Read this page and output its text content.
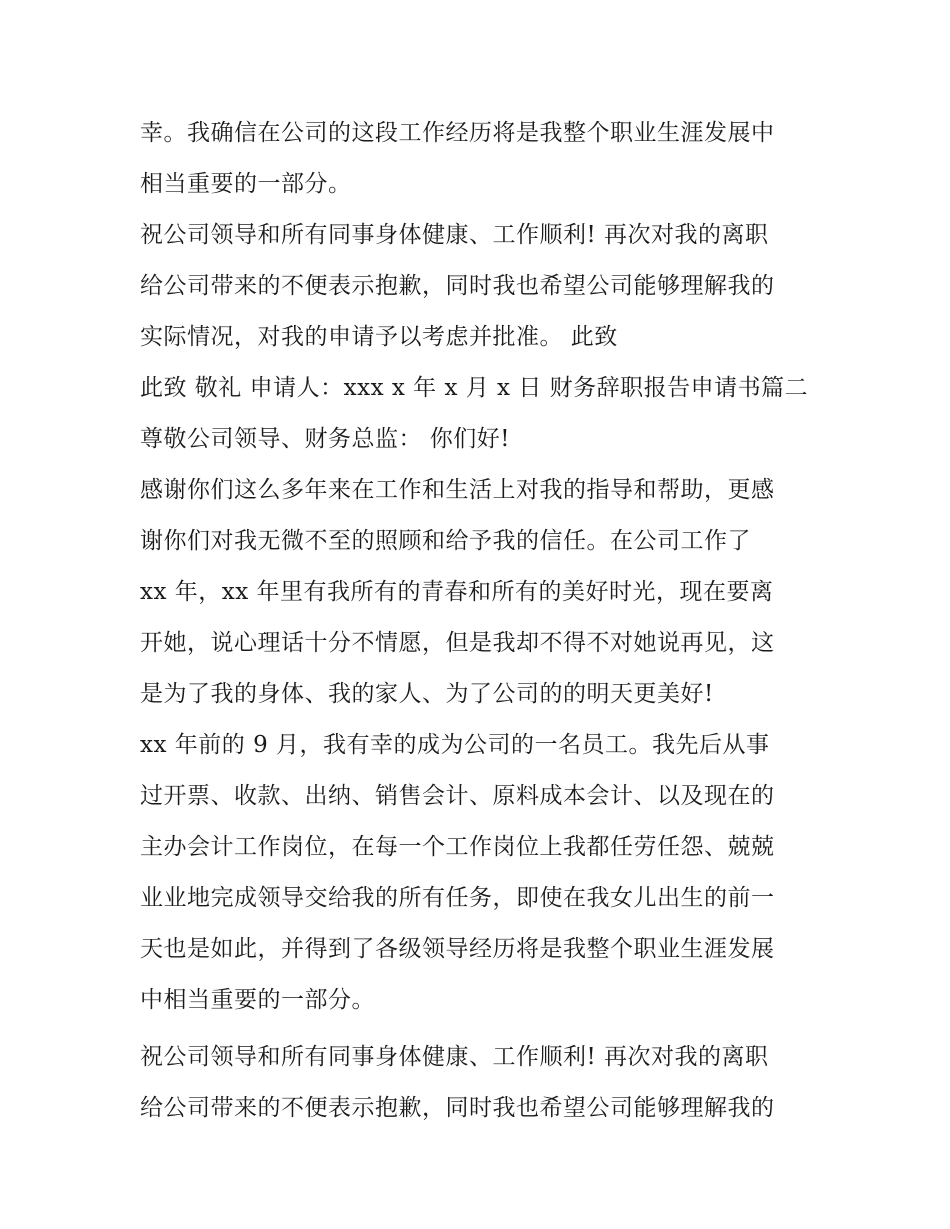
幸。我确信在公司的这段工作经历将是我整个职业生涯发展中
相当重要的一部分。
祝公司领导和所有同事身体健康、工作顺利! 再次对我的离职
给公司带来的不便表示抱歉，同时我也希望公司能够理解我的
实际情况，对我的申请予以考虑并批准。 此致
此致 敬礼 申请人：xxx x 年 x 月 x 日 财务辞职报告申请书篇二
尊敬公司领导、财务总监： 你们好!
感谢你们这么多年来在工作和生活上对我的指导和帮助，更感
谢你们对我无微不至的照顾和给予我的信任。在公司工作了
xx 年，xx 年里有我所有的青春和所有的美好时光，现在要离
开她，说心理话十分不情愿，但是我却不得不对她说再见，这
是为了我的身体、我的家人、为了公司的的明天更美好!
xx 年前的 9 月，我有幸的成为公司的一名员工。我先后从事
过开票、收款、出纳、销售会计、原料成本会计、以及现在的
主办会计工作岗位，在每一个工作岗位上我都任劳任怨、兢兢
业业地完成领导交给我的所有任务，即使在我女儿出生的前一
天也是如此，并得到了各级领导经历将是我整个职业生涯发展
中相当重要的一部分。
祝公司领导和所有同事身体健康、工作顺利! 再次对我的离职
给公司带来的不便表示抱歉，同时我也希望公司能够理解我的
